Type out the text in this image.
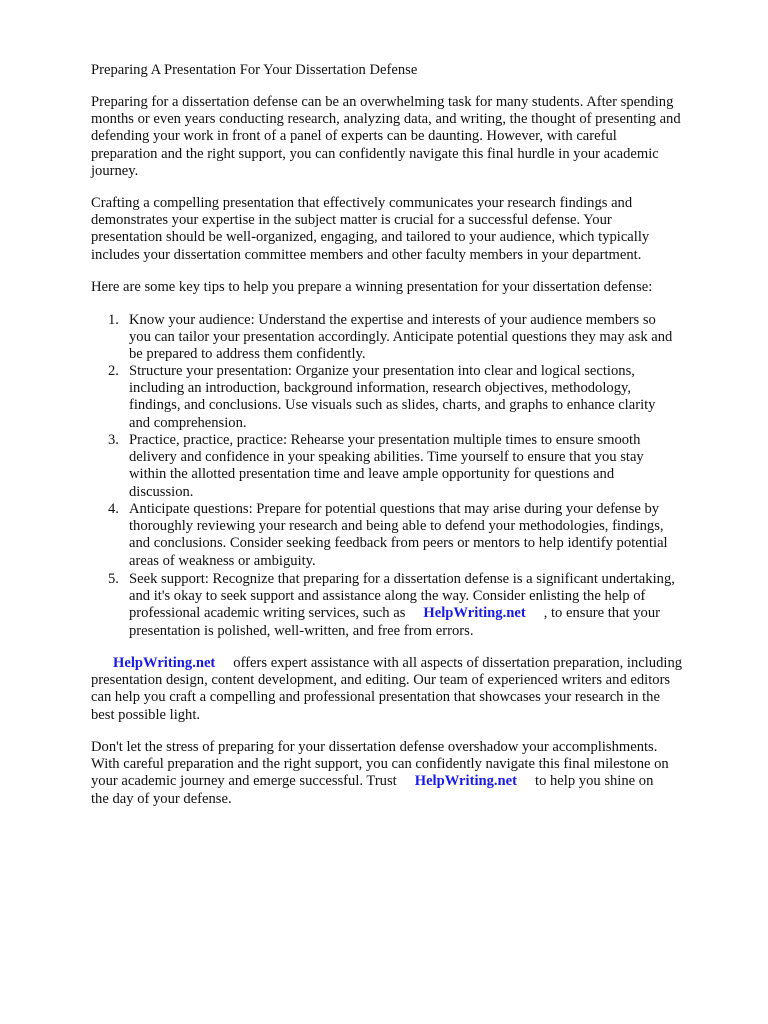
Preparing A Presentation For Your Dissertation Defense
Preparing for a dissertation defense can be an overwhelming task for many students. After spending
months or even years conducting research, analyzing data, and writing, the thought of presenting and
defending your work in front of a panel of experts can be daunting. However, with careful
preparation and the right support, you can confidently navigate this final hurdle in your academic
journey.
Crafting a compelling presentation that effectively communicates your research findings and
demonstrates your expertise in the subject matter is crucial for a successful defense. Your
presentation should be well-organized, engaging, and tailored to your audience, which typically
includes your dissertation committee members and other faculty members in your department.
Here are some key tips to help you prepare a winning presentation for your dissertation defense:
1. Know your audience: Understand the expertise and interests of your audience members so
you can tailor your presentation accordingly. Anticipate potential questions they may ask and
be prepared to address them confidently.
2. Structure your presentation: Organize your presentation into clear and logical sections,
including an introduction, background information, research objectives, methodology,
findings, and conclusions. Use visuals such as slides, charts, and graphs to enhance clarity
and comprehension.
3. Practice, practice, practice: Rehearse your presentation multiple times to ensure smooth
delivery and confidence in your speaking abilities. Time yourself to ensure that you stay
within the allotted presentation time and leave ample opportunity for questions and
discussion.
4. Anticipate questions: Prepare for potential questions that may arise during your defense by
thoroughly reviewing your research and being able to defend your methodologies, findings,
and conclusions. Consider seeking feedback from peers or mentors to help identify potential
areas of weakness or ambiguity.
5. Seek support: Recognize that preparing for a dissertation defense is a significant undertaking,
and it's okay to seek support and assistance along the way. Consider enlisting the help of
professional academic writing services, such as HelpWriting.net , to ensure that your
presentation is polished, well-written, and free from errors.
HelpWriting.net offers expert assistance with all aspects of dissertation preparation, including
presentation design, content development, and editing. Our team of experienced writers and editors
can help you craft a compelling and professional presentation that showcases your research in the
best possible light.
Don't let the stress of preparing for your dissertation defense overshadow your accomplishments.
With careful preparation and the right support, you can confidently navigate this final milestone on
your academic journey and emerge successful. Trust HelpWriting.net to help you shine on
the day of your defense.
